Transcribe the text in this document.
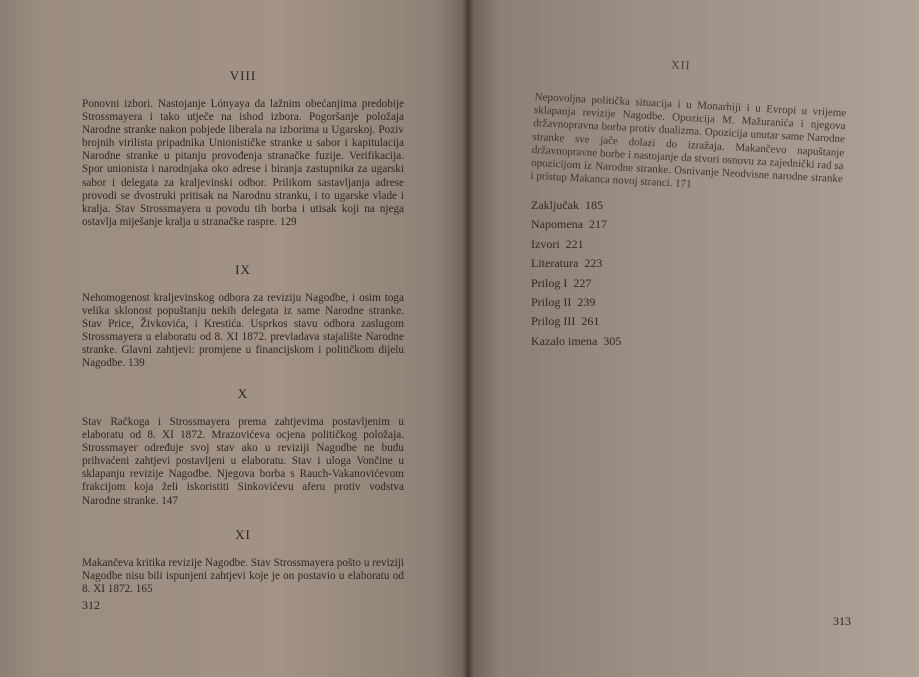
VIII

Ponovni izbori. Nastojanje Lónyaya da lažnim obećanjima predobije Strossmayera i tako utječe na ishod izbora. Pogoršanje položaja Narodne stranke nakon pobjede liberala na izborima u Ugarskoj. Poziv brojnih virilista pripadnika Unionističke stranke u sabor i kapitulacija Narodne stranke u pitanju provođenja stranačke fuzije. Verifikacija. Spor unionista i narodnjaka oko adrese i biranja zastupnika za ugarski sabor i delegata za kraljevinski odbor. Prilikom sastavljanja adrese provodi se dvostruki pritisak na Narodnu stranku, i to ugarske vlade i kralja. Stav Strossmayera u povodu tih borba i utisak koji na njega ostavlja miješanje kralja u stranačke rasprе. 129

IX

Nehomogenost kraljevinskog odbora za reviziju Nagodbe, i osim toga velika sklonost popuštanju nekih delegata iz same Narodne stranke. Stav Price, Živkovića, i Krestića. Usprkos stavu odbora zaslugom Strossmayera u elaboratu od 8. XI 1872. prevladava stajalište Narodne stranke. Glavni zahtjevi: promjene u financijskom i političkom dijelu Nagodbe. 139

X

Stav Račkoga i Strossmayera prema zahtjevima postavljenim u elaboratu od 8. XI 1872. Mrazovićeva ocjena političkog položaja. Strossmayer određuje svoj stav ako u reviziji Nagodbe ne budu prihvaćeni zahtjevi postavljeni u elaboratu. Stav i uloga Vončine u sklapanju revizije Nagodbe. Njegova borba s Rauch-Vakanovićevom frakcijom koja želi iskoristiti Sinkovićevu aferu protiv vodstva Narodne stranke. 147

XI

Makančeva kritika revizije Nagodbe. Stav Strossmayera pošto u reviziji Nagodbe nisu bili ispunjeni zahtjevi koje je on postavio u elaboratu od 8. XI 1872. 165

312
XII

Nepovoljna politička situacija i u Monarhiji i u Evropi u vrijeme sklapanja revizije Nagodbe. Opozicija M. Mažuranića i njegova državnopravna borba protiv dualizma. Opozicija unutar same Narodne stranke sve jače dolazi do izražaja. Makančevo napuštanje državnopravne borbe i nastojanje da stvori osnovu za zajednički rad sa opozicijom iz Narodne stranke. Osnivanje Neodvisne narodne stranke i pristup Makanca novoj stranci. 171

Zaključak 185
Napomena 217
Izvori 221
Literatura 223
Prilog I 227
Prilog II 239
Prilog III 261
Kazalo imena 305
313
